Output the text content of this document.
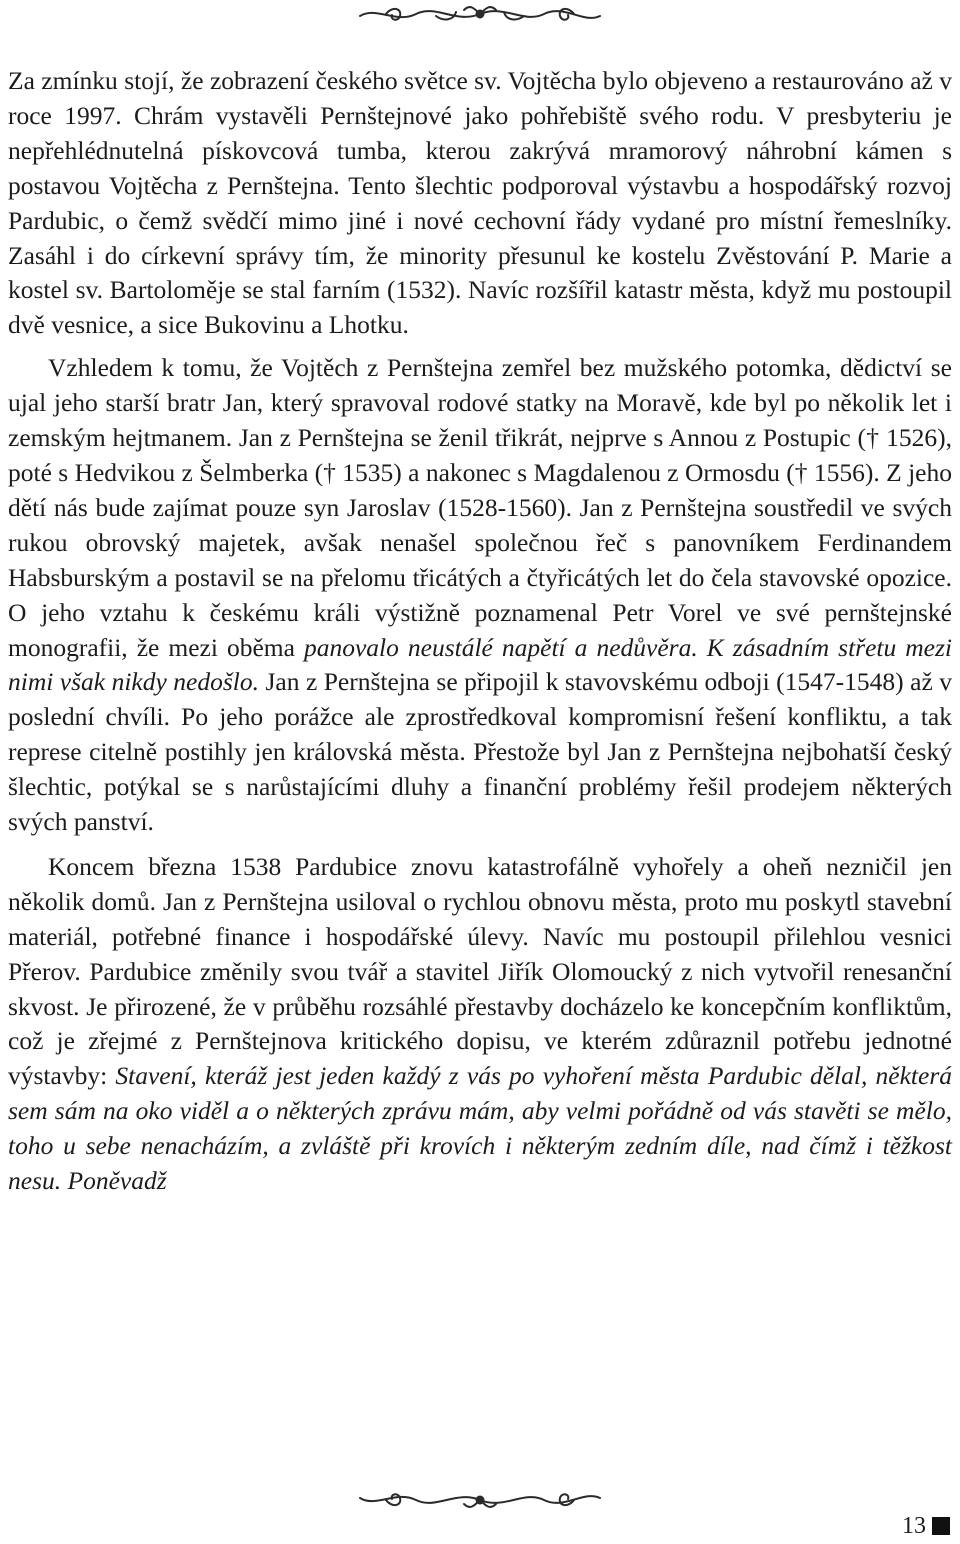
Za zmínku stojí, že zobrazení českého světce sv. Vojtěcha bylo objeveno a restaurováno až v roce 1997. Chrám vystavěli Pernštejnové jako pohřebiště svého rodu. V presbyteriu je nepřehlédnutelná pískovcová tumba, kterou zakrývá mramorový náhrobní kámen s postavou Vojtěcha z Pernštejna. Tento šlechtic podporoval výstavbu a hospodářský rozvoj Pardubic, o čemž svědčí mimo jiné i nové cechovní řády vydané pro místní řemeslníky. Zasáhl i do církevní správy tím, že minority přesunul ke kostelu Zvěstování P. Marie a kostel sv. Bartoloměje se stal farním (1532). Navíc rozšířil katastr města, když mu postoupil dvě vesnice, a sice Bukovinu a Lhotku.

Vzhledem k tomu, že Vojtěch z Pernštejna zemřel bez mužského potomka, dědictví se ujal jeho starší bratr Jan, který spravoval rodové statky na Moravě, kde byl po několik let i zemským hejtmanem. Jan z Pernštejna se ženil třikrát, nejprve s Annou z Postupic († 1526), poté s Hedvikou z Šelmberka († 1535) a nakonec s Magdalenou z Ormosdu († 1556). Z jeho dětí nás bude zajímat pouze syn Jaroslav (1528-1560). Jan z Pernštejna soustředil ve svých rukou obrovský majetek, avšak nenašel společnou řeč s panovníkem Ferdinandem Habsburským a postavil se na přelomu třicátých a čtyřicátých let do čela stavovské opozice. O jeho vztahu k českému králi výstižně poznamenal Petr Vorel ve své pernštejnské monografii, že mezi oběma panovalo neustálé napětí a nedůvěra. K zásadním střetu mezi nimi však nikdy nedošlo. Jan z Pernštejna se připojil k stavovskému odboji (1547-1548) až v poslední chvíli. Po jeho porážce ale zprostředkoval kompromisní řešení konfliktu, a tak represe citelně postihly jen královská města. Přestože byl Jan z Pernštejna nejbohatší český šlechtic, potýkal se s narůstajícími dluhy a finanční problémy řešil prodejem některých svých panství.

Koncem března 1538 Pardubice znovu katastrofálně vyhořely a oheň nezničil jen několik domů. Jan z Pernštejna usiloval o rychlou obnovu města, proto mu poskytl stavební materiál, potřebné finance i hospodářské úlevy. Navíc mu postoupil přilehlou vesnici Přerov. Pardubice změnily svou tvář a stavitel Jiřík Olomoucký z nich vytvořil renesanční skvost. Je přirozené, že v průběhu rozsáhlé přestavby docházelo ke koncepčním konfliktům, což je zřejmé z Pernštejnova kritického dopisu, ve kterém zdůraznil potřebu jednotné výstavby: Stavení, kteráž jest jeden každý z vás po vyhoření města Pardubic dělal, některá sem sám na oko viděl a o některých zprávu mám, aby velmi pořádně od vás stavěti se mělo, toho u sebe nenacházím, a zvláště při krovích i některým zedním díle, nad čímž i těžkost nesu. Poněvadž

13
